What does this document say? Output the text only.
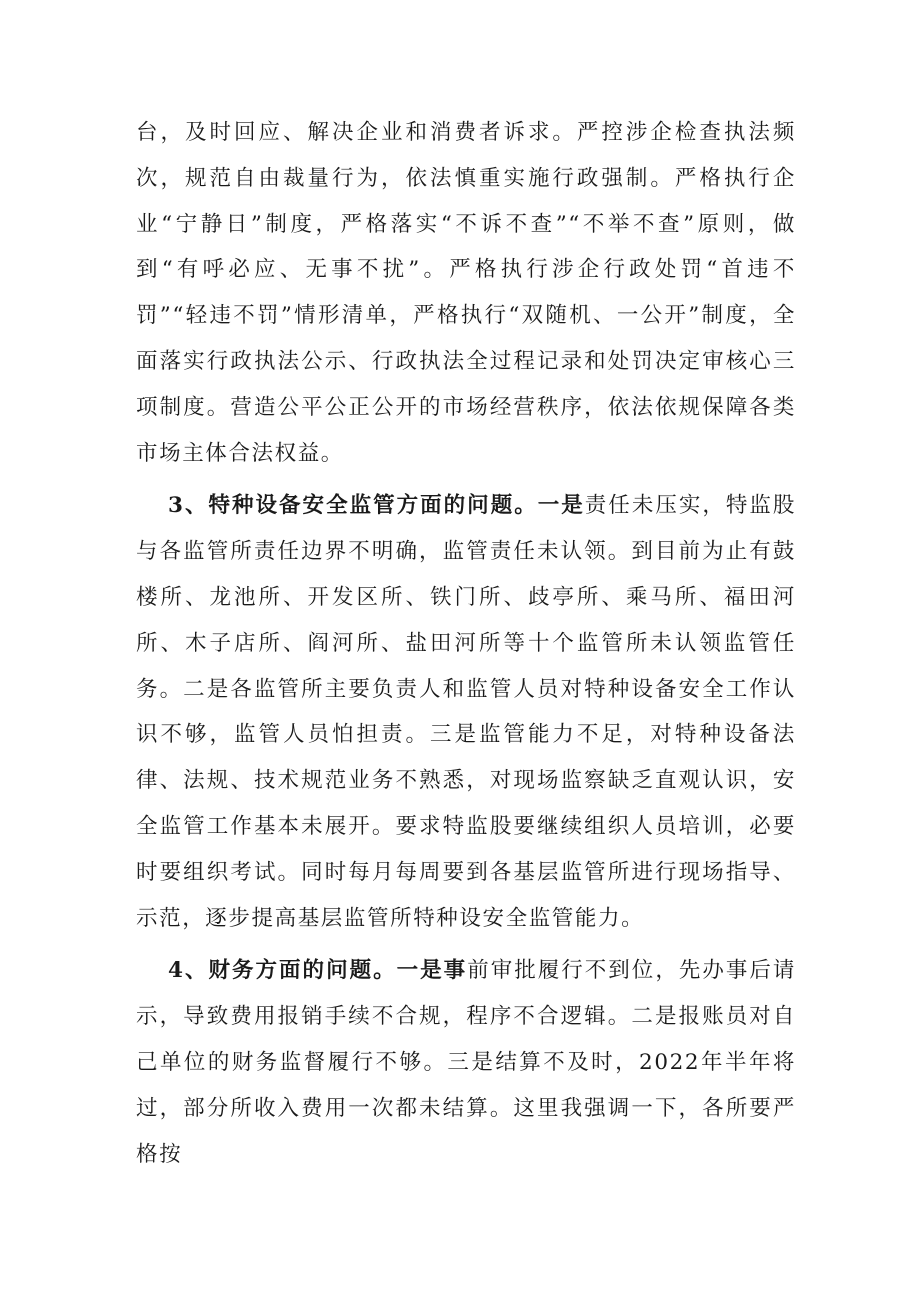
台，及时回应、解决企业和消费者诉求。严控涉企检查执法频次，规范自由裁量行为，依法慎重实施行政强制。严格执行企业“宁静日”制度，严格落实“不诉不查”“不举不查”原则，做到“有呼必应、无事不扰”。严格执行涉企行政处罚“首违不罚”“轻违不罚”情形清单，严格执行“双随机、一公开”制度，全面落实行政执法公示、行政执法全过程记录和处罚决定审核心三项制度。营造公平公正公开的市场经营秩序，依法依规保障各类市场主体合法权益。

3、特种设备安全监管方面的问题。一是责任未压实，特监股与各监管所责任边界不明确，监管责任未认领。到目前为止有鼓楼所、龙池所、开发区所、铁门所、歧亭所、乘马所、福田河所、木子店所、阎河所、盐田河所等十个监管所未认领监管任务。二是各监管所主要负责人和监管人员对特种设备安全工作认识不够，监管人员怕担责。三是监管能力不足，对特种设备法律、法规、技术规范业务不熟悉，对现场监察缺乏直观认识，安全监管工作基本未展开。要求特监股要继续组织人员培训，必要时要组织考试。同时每月每周要到各基层监管所进行现场指导、示范，逐步提高基层监管所特种设安全监管能力。

4、财务方面的问题。一是事前审批履行不到位，先办事后请示，导致费用报销手续不合规，程序不合逻辑。二是报账员对自己单位的财务监督履行不够。三是结算不及时，2022年半年将过，部分所收入费用一次都未结算。这里我强调一下，各所要严格按
